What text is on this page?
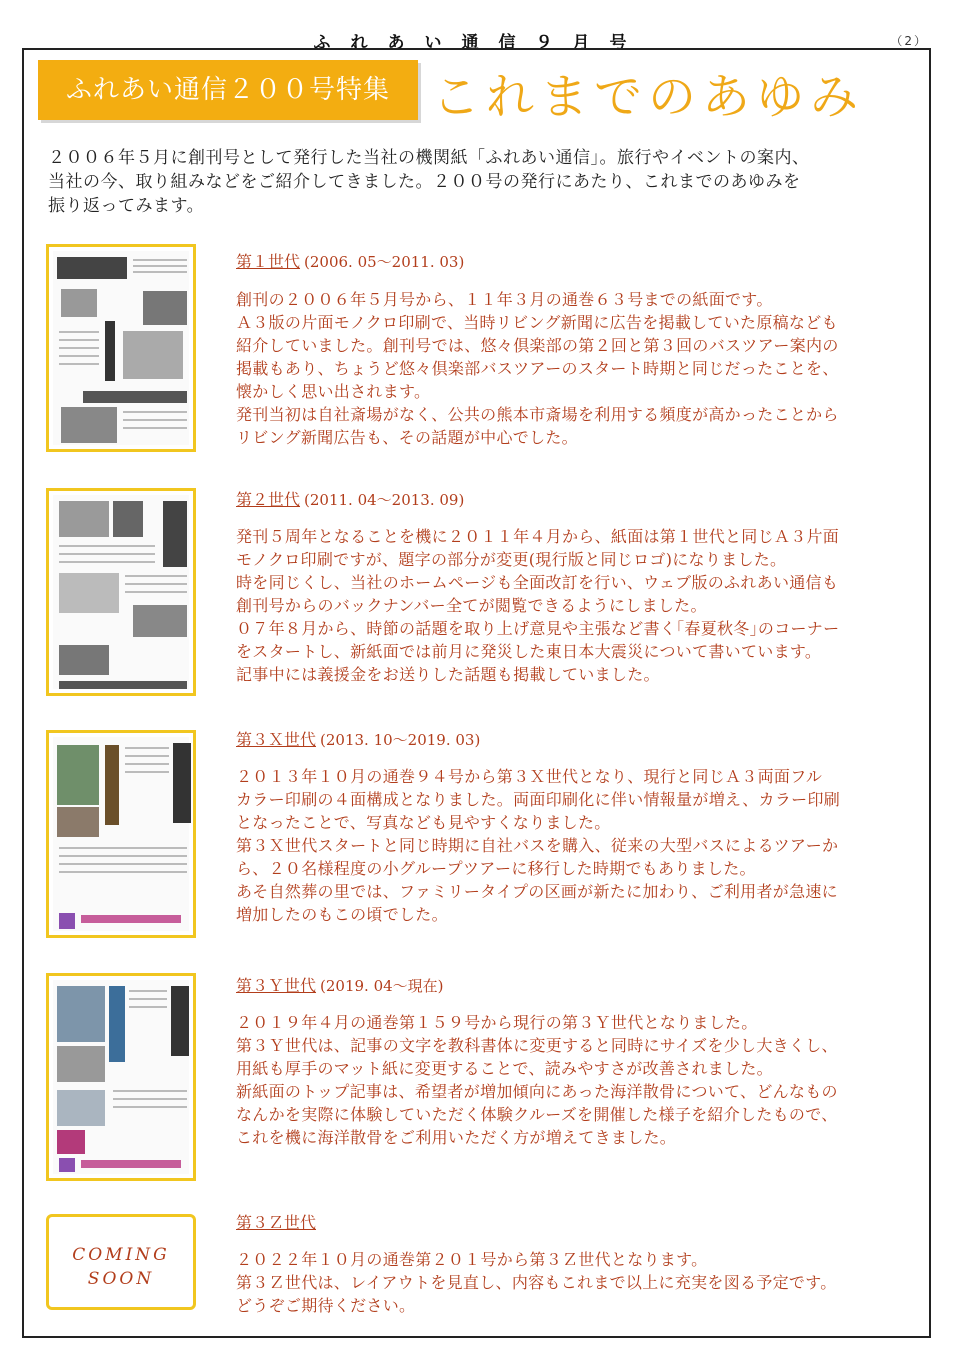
ふれあい通信９月号	（2）
ふれあい通信２００号特集 これまでのあゆみ
２００６年５月に創刊号として発行した当社の機関紙「ふれあい通信」。旅行やイベントの案内、
当社の今、取り組みなどをご紹介してきました。２００号の発行にあたり、これまでのあゆみを
振り返ってみます。
第１世代 (2006. 05～2011. 03)
創刊の２００６年５月号から、１１年３月の通巻６３号までの紙面です。
Ａ３版の片面モノクロ印刷で、当時リビング新聞に広告を掲載していた原稿なども
紹介していました。創刊号では、悠々倶楽部の第２回と第３回のバスツアー案内の
掲載もあり、ちょうど悠々倶楽部バスツアーのスタート時期と同じだったことを、
懐かしく思い出されます。
発刊当初は自社斎場がなく、公共の熊本市斎場を利用する頻度が高かったことから
リビング新聞広告も、その話題が中心でした。
第２世代 (2011. 04～2013. 09)
発刊５周年となることを機に２０１１年４月から、紙面は第１世代と同じＡ３片面
モノクロ印刷ですが、題字の部分が変更(現行版と同じロゴ)になりました。
時を同じくし、当社のホームページも全面改訂を行い、ウェブ版のふれあい通信も
創刊号からのバックナンバー全てが閲覧できるようにしました。
０７年８月から、時節の話題を取り上げ意見や主張など書く｢春夏秋冬｣のコーナー
をスタートし、新紙面では前月に発災した東日本大震災について書いています。
記事中には義援金をお送りした話題も掲載していました。
第３Ｘ世代 (2013. 10～2019. 03)
２０１３年１０月の通巻９４号から第３Ｘ世代となり、現行と同じＡ３両面フル
カラー印刷の４面構成となりました。両面印刷化に伴い情報量が増え、カラー印刷
となったことで、写真なども見やすくなりました。
第３Ｘ世代スタートと同じ時期に自社バスを購入、従来の大型バスによるツアーか
ら、２０名様程度の小グループツアーに移行した時期でもありました。
あそ自然葬の里では、ファミリータイプの区画が新たに加わり、ご利用者が急速に
増加したのもこの頃でした。
第３Ｙ世代 (2019. 04～現在)
２０１９年４月の通巻第１５９号から現行の第３Ｙ世代となりました。
第３Ｙ世代は、記事の文字を教科書体に変更すると同時にサイズを少し大きくし、
用紙も厚手のマット紙に変更することで、読みやすさが改善されました。
新紙面のトップ記事は、希望者が増加傾向にあった海洋散骨について、どんなもの
なんかを実際に体験していただく体験クルーズを開催した様子を紹介したもので、
これを機に海洋散骨をご利用いただく方が増えてきました。
COMING
SOON
第３Ｚ世代
２０２２年１０月の通巻第２０１号から第３Ｚ世代となります。
第３Ｚ世代は、レイアウトを見直し、内容もこれまで以上に充実を図る予定です。
どうぞご期待ください。
